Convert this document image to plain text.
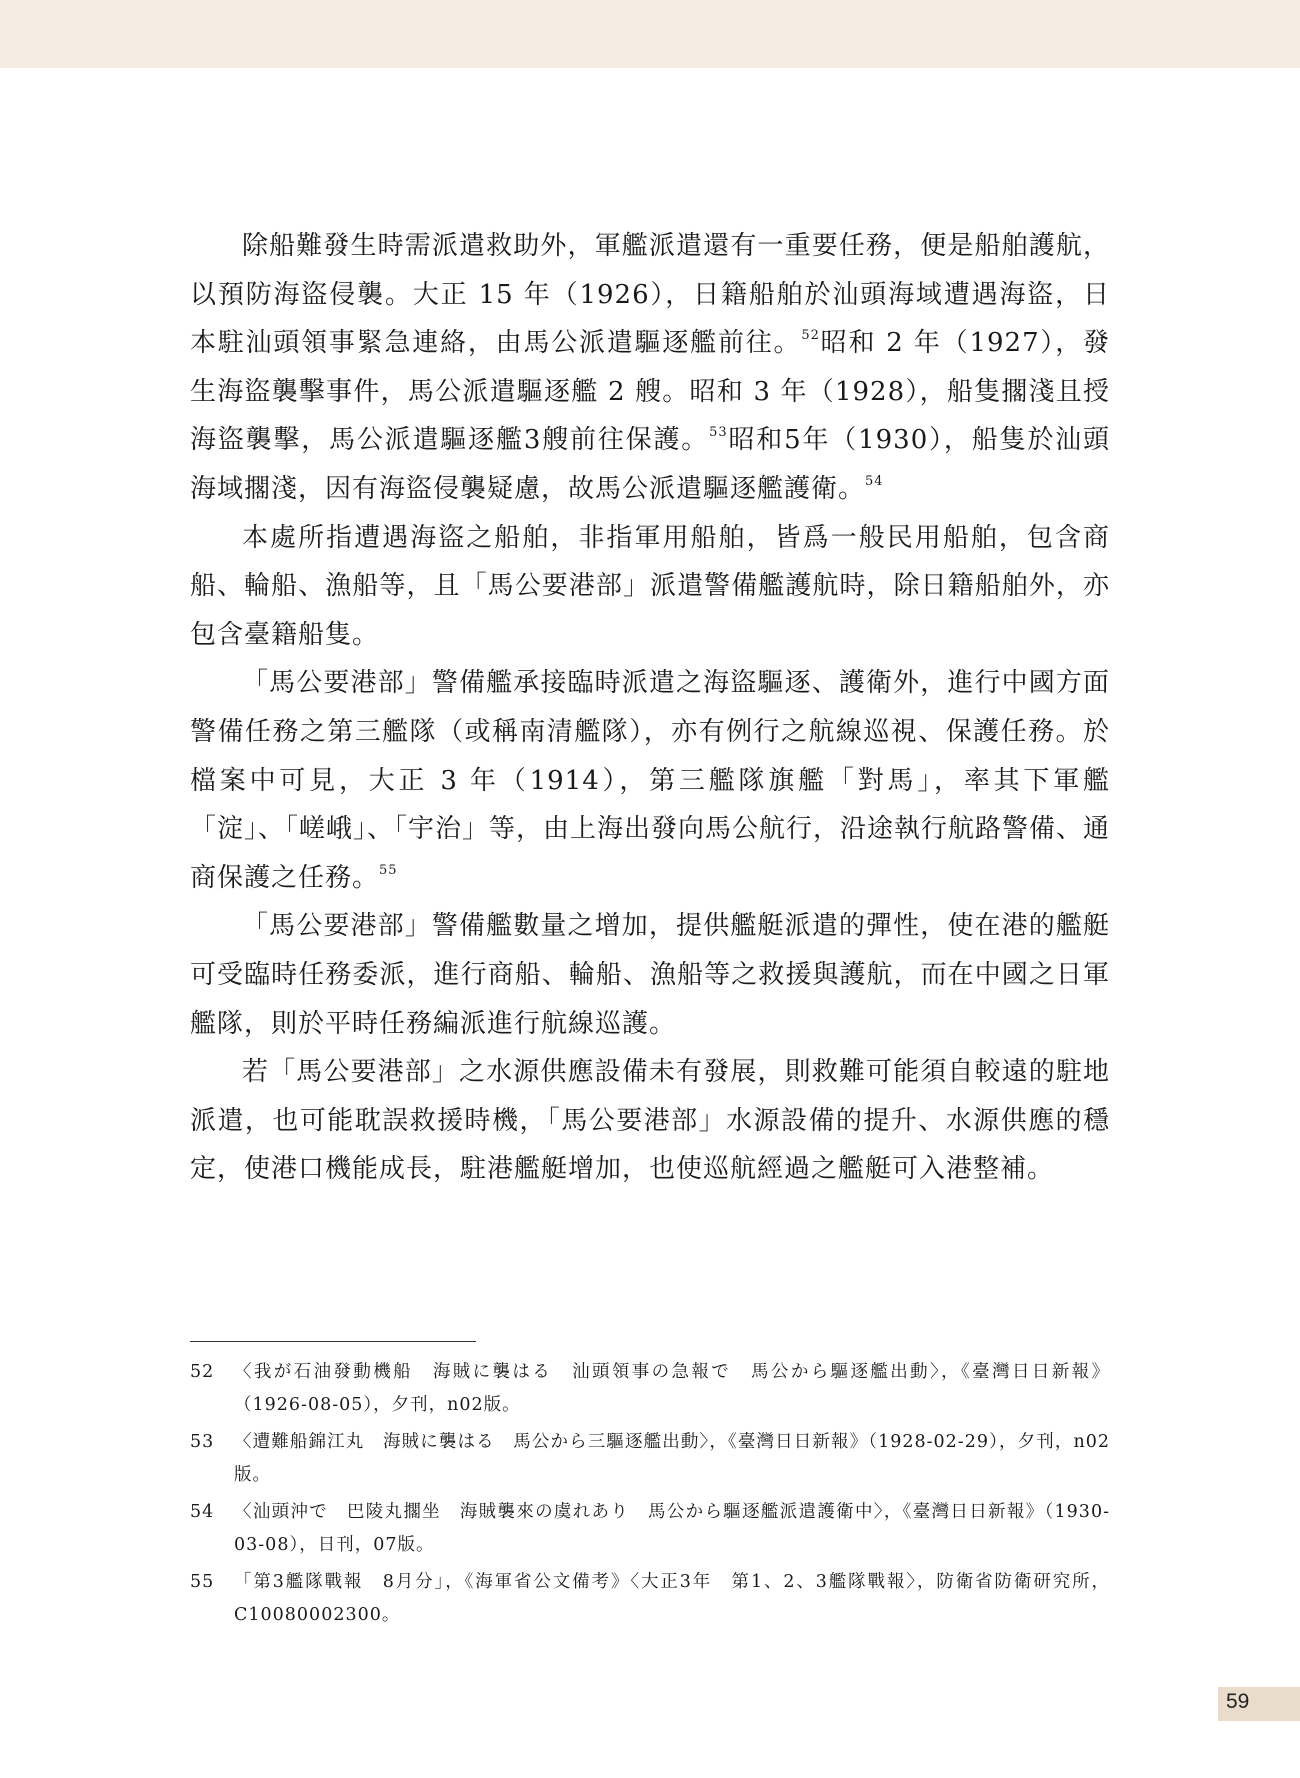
除船難發生時需派遣救助外，軍艦派遣還有一重要任務，便是船舶護航，以預防海盜侵襲。大正 15 年（1926），日籍船舶於汕頭海域遭遇海盜，日本駐汕頭領事緊急連絡，由馬公派遣驅逐艦前往。$^{52}$昭和 2 年（1927），發生海盜襲擊事件，馬公派遣驅逐艦 2 艘。昭和 3 年（1928），船隻擱淺且授海盜襲擊，馬公派遣驅逐艦3艘前往保護。$^{53}$昭和5年（1930），船隻於汕頭海域擱淺，因有海盜侵襲疑慮，故馬公派遣驅逐艦護衛。$^{54}$

本處所指遭遇海盜之船舶，非指軍用船舶，皆爲一般民用船舶，包含商船、輪船、漁船等，且「馬公要港部」派遣警備艦護航時，除日籍船舶外，亦包含臺籍船隻。

「馬公要港部」警備艦承接臨時派遣之海盜驅逐、護衛外，進行中國方面警備任務之第三艦隊（或稱南清艦隊），亦有例行之航線巡視、保護任務。於檔案中可見，大正 3 年（1914），第三艦隊旗艦「對馬」，率其下軍艦「淀」、「嵯峨」、「宇治」等，由上海出發向馬公航行，沿途執行航路警備、通商保護之任務。$^{55}$

「馬公要港部」警備艦數量之增加，提供艦艇派遣的彈性，使在港的艦艇可受臨時任務委派，進行商船、輪船、漁船等之救援與護航，而在中國之日軍艦隊，則於平時任務編派進行航線巡護。

若「馬公要港部」之水源供應設備未有發展，則救難可能須自較遠的駐地派遣，也可能耽誤救援時機，「馬公要港部」水源設備的提升、水源供應的穩定，使港口機能成長，駐港艦艇增加，也使巡航經過之艦艇可入港整補。

52	〈我が石油發動機船　海賊に襲はる　汕頭領事の急報で　馬公から驅逐艦出動〉，《臺灣日日新報》（1926-08-05），夕刊，n02版。
53	〈遭難船錦江丸　海賊に襲はる　馬公から三驅逐艦出動〉，《臺灣日日新報》（1928-02-29），夕刊，n02版。
54	〈汕頭沖で　巴陵丸擱坐　海賊襲來の虞れあり　馬公から驅逐艦派遣護衛中〉，《臺灣日日新報》（1930-03-08），日刊，07版。
55	「第3艦隊戰報　8月分」，《海軍省公文備考》〈大正3年　第1、2、3艦隊戰報〉，防衛省防衛研究所，C10080002300。
59
